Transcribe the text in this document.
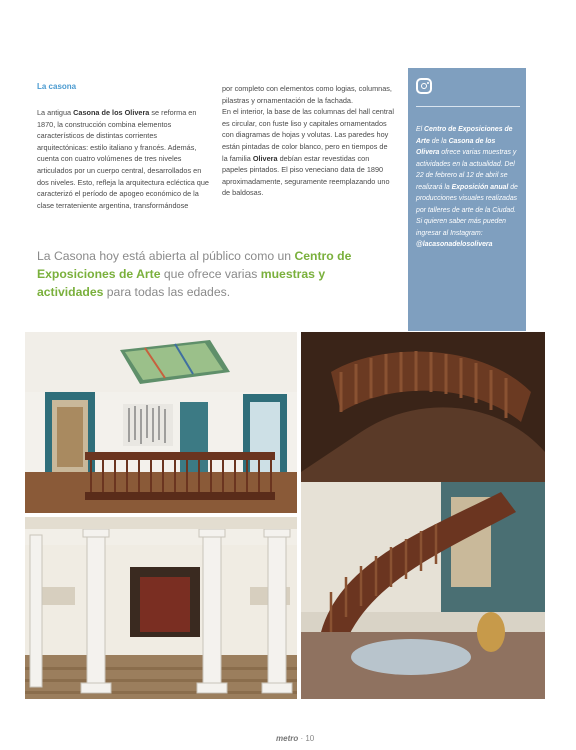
La casona

La antigua Casona de los Olivera se reforma en 1870, la construcción combina elementos característicos de distintas corrientes arquitectónicas: estilo italiano y francés. Además, cuenta con cuatro volúmenes de tres niveles articulados por un cuerpo central, desarrollados en dos niveles. Esto, refleja la arquitectura ecléctica que caracterizó el período de apogeo económico de la clase terrateniente argentina, transformándose

por completo con elementos como logias, columnas, pilastras y ornamentación de la fachada.

En el interior, la base de las columnas del hall central es circular, con fuste liso y capitales ornamentados con diagramas de hojas y volutas. Las paredes hoy están pintadas de color blanco, pero en tiempos de la familia Olivera debían estar revestidas con papeles pintados. El piso veneciano data de 1890 aproximadamente, seguramente reemplazando uno de baldosas.

La Casona hoy está abierta al público como un Centro de Exposiciones de Arte que ofrece varias muestras y actividades para todas las edades.
El Centro de Exposiciones de Arte de la Casona de los Olivera ofrece varias muestras y actividades en la actualidad. Del 22 de febrero al 12 de abril se realizará la Exposición anual de producciones visuales realizadas por talleres de arte de la Ciudad. Si quieren saber más pueden ingresar al Instagram: @lacasonadelosolivera
metro · 10
